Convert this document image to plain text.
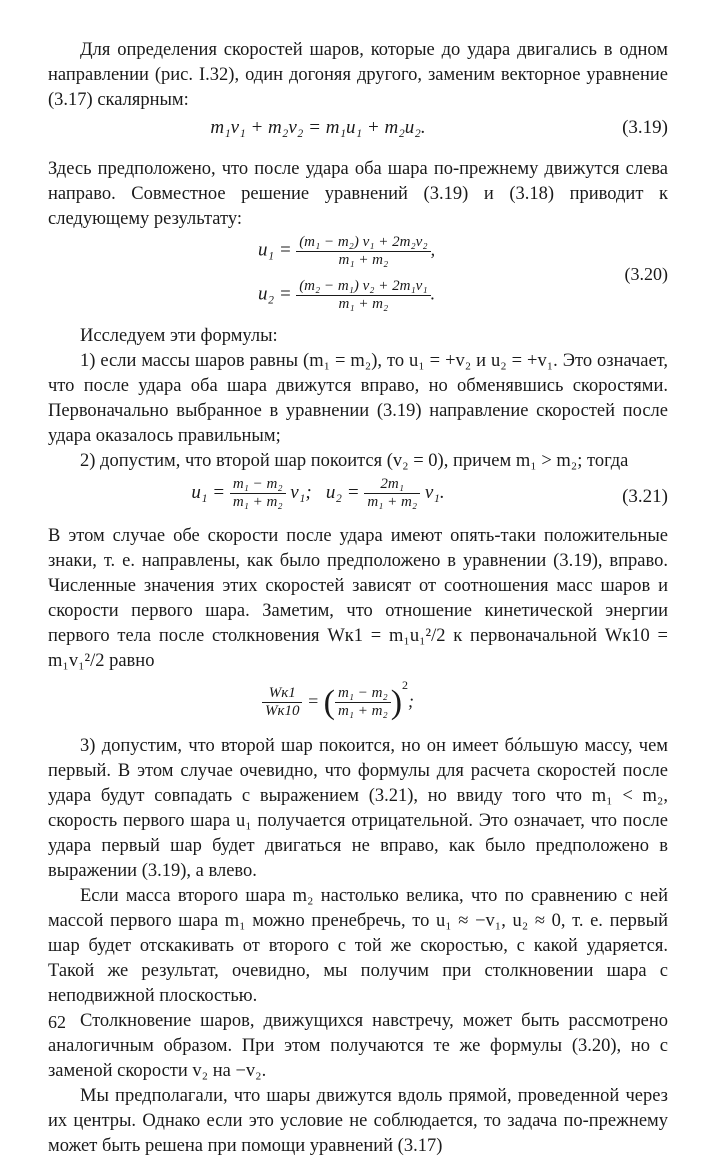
Для определения скоростей шаров, которые до удара двигались в одном направлении (рис. I.32), один догоняя другого, заменим векторное уравнение (3.17) скалярным:

m₁v₁ + m₂v₂ = m₁u₁ + m₂u₂.	(3.19)

Здесь предположено, что после удара оба шара по-прежнему движутся слева направо. Совместное решение уравнений (3.19) и (3.18) приводит к следующему результату:

$u_1 = \frac{\text{(m₁ − m₂) v₁ + 2m₂v₂}}{\text{m₁ + m₂}}$ ,
$u_2 = \frac{\text{(m₂ − m₁) v₂ + 2m₁v₁}}{\text{m₁ + m₂}}$ .
(3.20)

Исследуем эти формулы:

1) если массы шаров равны (m₁ = m₂), то u₁ = +v₂ и u₂ = +v₁. Это означает, что после удара оба шара движутся вправо, но обменявшись скоростями. Первоначально выбранное в уравнении (3.19) направление скоростей после удара оказалось правильным;

2) допустим, что второй шар покоится (v₂ = 0), причем m₁ > m₂; тогда

$u_1 = \frac{\text{m₁ − m₂}}{\text{m₁ + m₂}} v_1$; $u_2 = \frac{\text{2m₁}}{\text{m₁ + m₂}} v_1$.	(3.21)

В этом случае обе скорости после удара имеют опять-таки положительные знаки, т. е. направлены, как было предположено в уравнении (3.19), вправо. Численные значения этих скоростей зависят от соотношения масс шаров и скорости первого шара. Заметим, что отношение кинетической энергии первого тела после столкновения Wк1 = m₁u₁²/2 к первоначальной Wк10 = m₁v₁²/2 равно

Wк1
Wк10
= ( $\frac{\text{m₁ − m₂}}{\text{m₁ + m₂}} )^2$;

3) допустим, что второй шар покоится, но он имеет бóльшую массу, чем первый. В этом случае очевидно, что формулы для расчета скоростей после удара будут совпадать с выражением (3.21), но ввиду того что m₁ < m₂, скорость первого шара u₁ получается отрицательной. Это означает, что после удара первый шар будет двигаться не вправо, как было предположено в выражении (3.19), а влево.

Если масса второго шара m₂ настолько велика, что по сравнению с ней массой первого шара m₁ можно пренебречь, то u₁ ≈ −v₁, u₂ ≈ 0, т. е. первый шар будет отскакивать от второго с той же скоростью, с какой ударяется. Такой же результат, очевидно, мы получим при столкновении шара с неподвижной плоскостью.

Столкновение шаров, движущихся навстречу, может быть рассмотрено аналогичным образом. При этом получаются те же формулы (3.20), но с заменой скорости v₂ на −v₂.

Мы предполагали, что шары движутся вдоль прямой, проведенной через их центры. Однако если это условие не соблюдается, то задача по-прежнему может быть решена при помощи уравнений (3.17)

62
